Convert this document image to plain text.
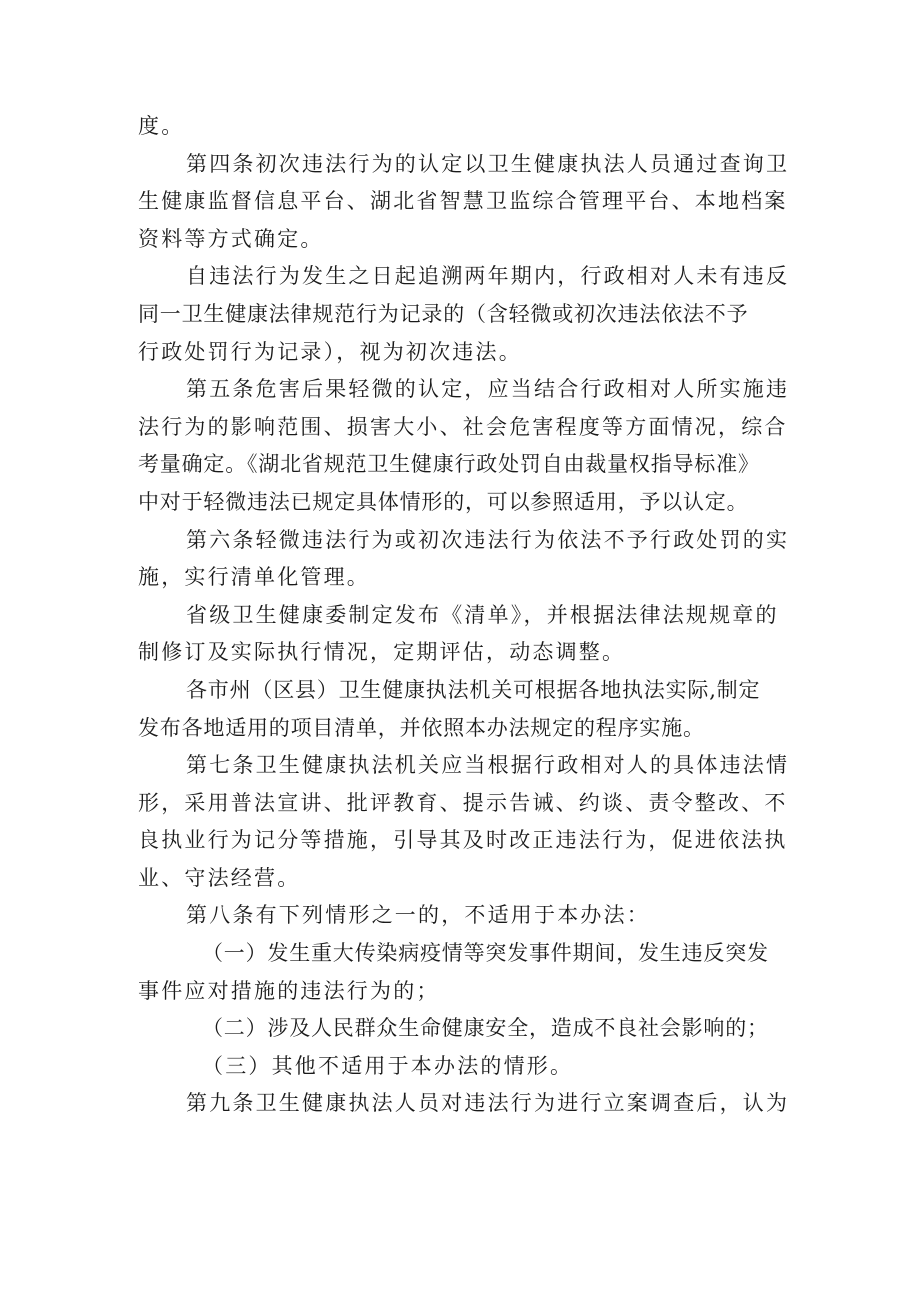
度。
第四条初次违法行为的认定以卫生健康执法人员通过查询卫
生健康监督信息平台、湖北省智慧卫监综合管理平台、本地档案
资料等方式确定。
自违法行为发生之日起追溯两年期内，行政相对人未有违反
同一卫生健康法律规范行为记录的（含轻微或初次违法依法不予
行政处罚行为记录），视为初次违法。
第五条危害后果轻微的认定，应当结合行政相对人所实施违
法行为的影响范围、损害大小、社会危害程度等方面情况，综合
考量确定。《湖北省规范卫生健康行政处罚自由裁量权指导标准》
中对于轻微违法已规定具体情形的，可以参照适用，予以认定。
第六条轻微违法行为或初次违法行为依法不予行政处罚的实
施，实行清单化管理。
省级卫生健康委制定发布《清单》，并根据法律法规规章的
制修订及实际执行情况，定期评估，动态调整。
各市州（区县）卫生健康执法机关可根据各地执法实际,制定
发布各地适用的项目清单，并依照本办法规定的程序实施。
第七条卫生健康执法机关应当根据行政相对人的具体违法情
形，采用普法宣讲、批评教育、提示告诫、约谈、责令整改、不
良执业行为记分等措施，引导其及时改正违法行为，促进依法执
业、守法经营。
第八条有下列情形之一的，不适用于本办法：
（一）发生重大传染病疫情等突发事件期间，发生违反突发
事件应对措施的违法行为的；
（二）涉及人民群众生命健康安全，造成不良社会影响的；
（三）其他不适用于本办法的情形。
第九条卫生健康执法人员对违法行为进行立案调查后，认为
